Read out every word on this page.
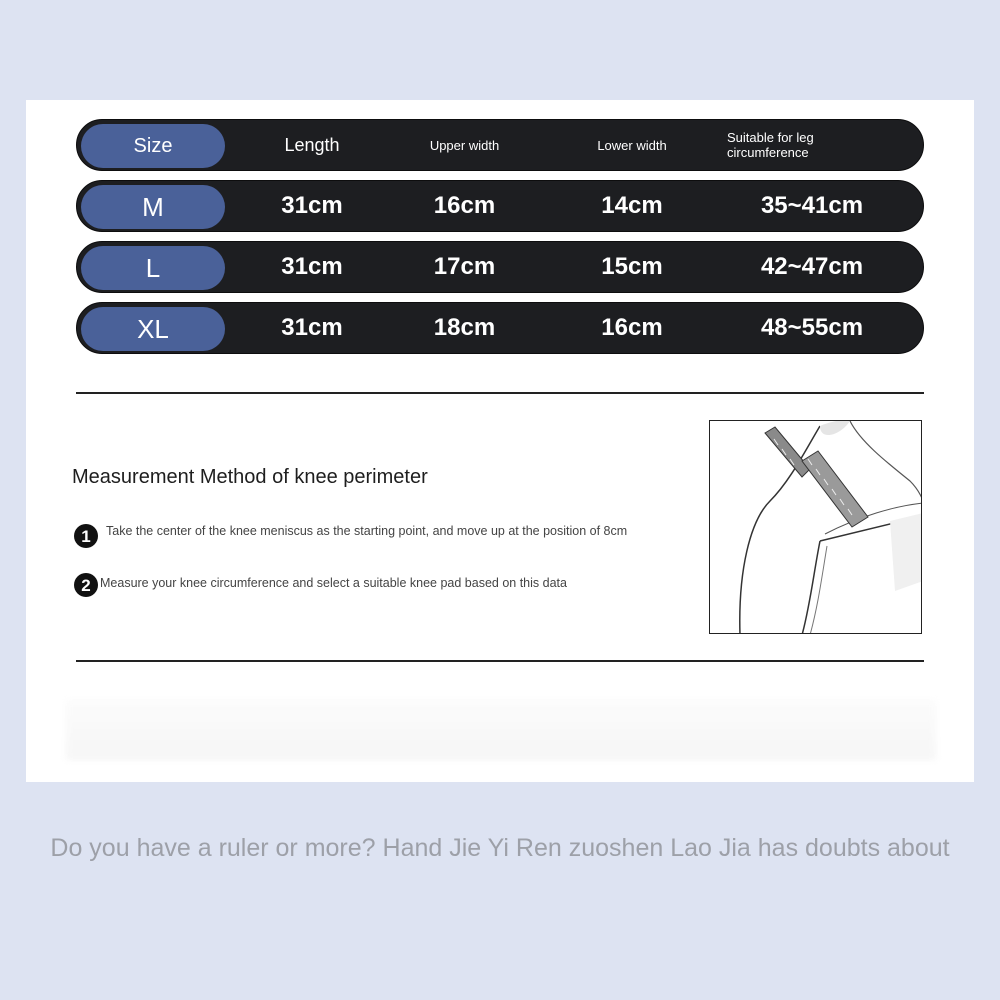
Size	Length	Upper width	Lower width	Suitable for leg circumference
M	31cm	16cm	14cm	35~41cm
L	31cm	17cm	15cm	42~47cm
XL	31cm	18cm	16cm	48~55cm
Measurement Method of knee perimeter
1	Take the center of the knee meniscus as the starting point, and move up at the position of 8cm
2 Measure your knee circumference and select a suitable knee pad based on this data
Do you have a ruler or more? Hand Jie Yi Ren zuoshen Lao Jia has doubts about
